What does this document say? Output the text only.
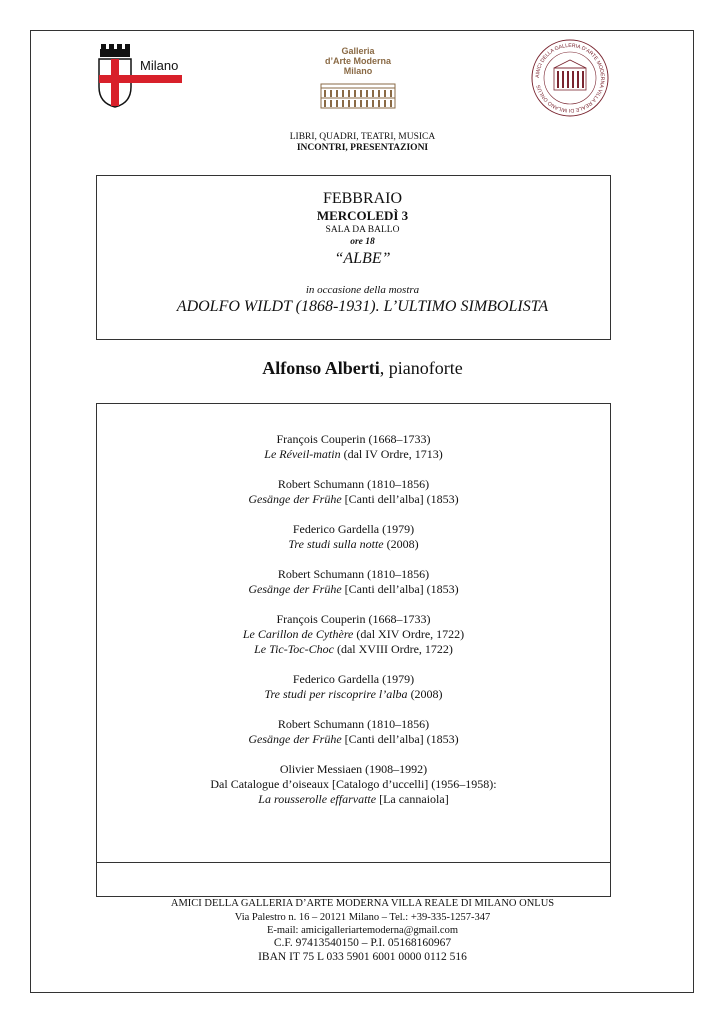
Milano
Galleria
d’Arte Moderna
Milano
AMICI DELLA GALLERIA D’ARTE MODERNA VILLA REALE DI MILANO ONLUS
LIBRI, QUADRI, TEATRI, MUSICA
INCONTRI, PRESENTAZIONI
FEBBRAIO
MERCOLEDÌ 3
SALA DA BALLO
ore 18
“ALBE”
in occasione della mostra
ADOLFO WILDT (1868-1931). L’ULTIMO SIMBOLISTA
Alfonso Alberti, pianoforte
François Couperin (1668–1733)
Le Réveil-matin (dal IV Ordre, 1713)
Robert Schumann (1810–1856)
Gesänge der Frühe [Canti dell’alba] (1853)
Federico Gardella (1979)
Tre studi sulla notte (2008)
Robert Schumann (1810–1856)
Gesänge der Frühe [Canti dell’alba] (1853)
François Couperin (1668–1733)
Le Carillon de Cythère (dal XIV Ordre, 1722)
Le Tic-Toc-Choc (dal XVIII Ordre, 1722)
Federico Gardella (1979)
Tre studi per riscoprire l’alba (2008)
Robert Schumann (1810–1856)
Gesänge der Frühe [Canti dell’alba] (1853)
Olivier Messiaen (1908–1992)
Dal Catalogue d’oiseaux [Catalogo d’uccelli] (1956–1958):
La rousserolle effarvatte [La cannaiola]
AMICI DELLA GALLERIA D’ARTE MODERNA VILLA REALE DI MILANO ONLUS
Via Palestro n. 16 – 20121 Milano – Tel.: +39-335-1257-347
E-mail: amicigalleriartemoderna@gmail.com
C.F. 97413540150 – P.I. 05168160967
IBAN IT 75 L 033 5901 6001 0000 0112 516
